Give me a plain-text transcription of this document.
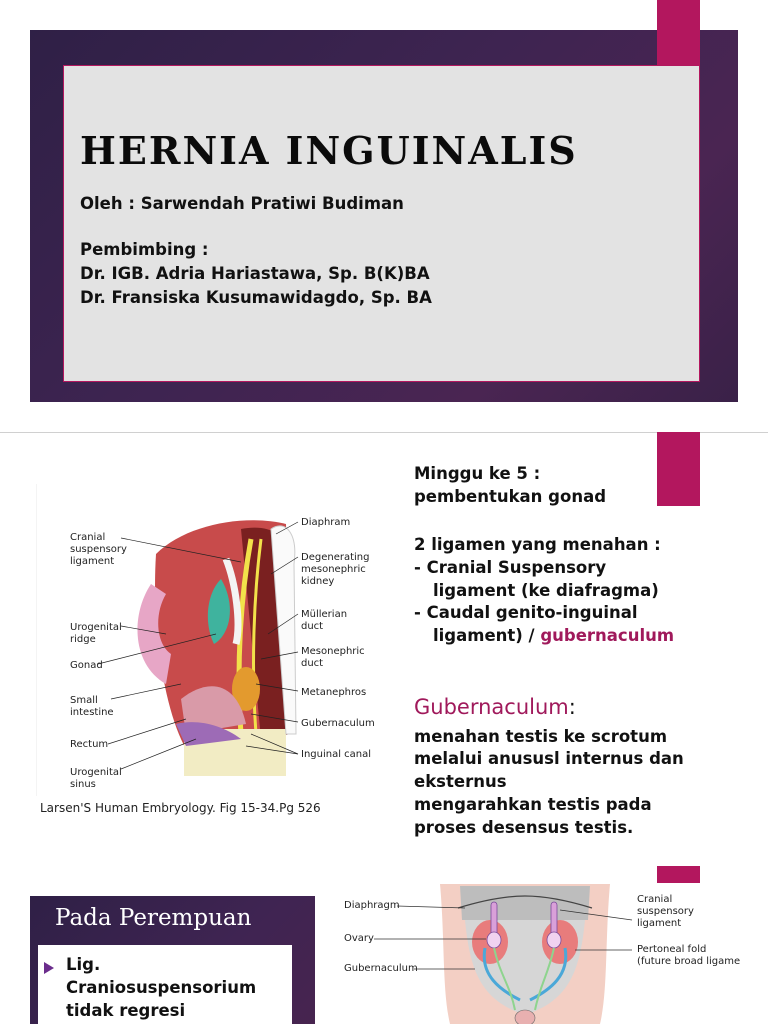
HERNIA INGUINALIS
Oleh : Sarwendah Pratiwi Budiman
Pembimbing :
Dr. IGB. Adria Hariastawa, Sp. B(K)BA
Dr. Fransiska Kusumawidagdo, Sp. BA
Cranial
suspensory
ligament
Urogenital
ridge
Gonad
Small
intestine
Rectum
Urogenital
sinus
Diaphram
Degenerating
mesonephric
kidney
Müllerian
duct
Mesonephric
duct
Metanephros
Gubernaculum
Inguinal canal
Larsen'S Human Embryology. Fig 15-34.Pg 526
Minggu ke 5 :
pembentukan gonad
2 ligamen yang menahan :
- Cranial Suspensory
ligament (ke diafragma)
- Caudal genito-inguinal
ligament) / gubernaculum
Gubernaculum:
menahan testis ke scrotum
melalui anususl internus dan
eksternus
mengarahkan testis pada
proses desensus testis.
Pada Perempuan
Lig.
Craniosuspensorium
tidak regresi
Diaphragm
Ovary
Gubernaculum
Cranial
suspensory
ligament
Pertoneal fold
(future broad ligame
